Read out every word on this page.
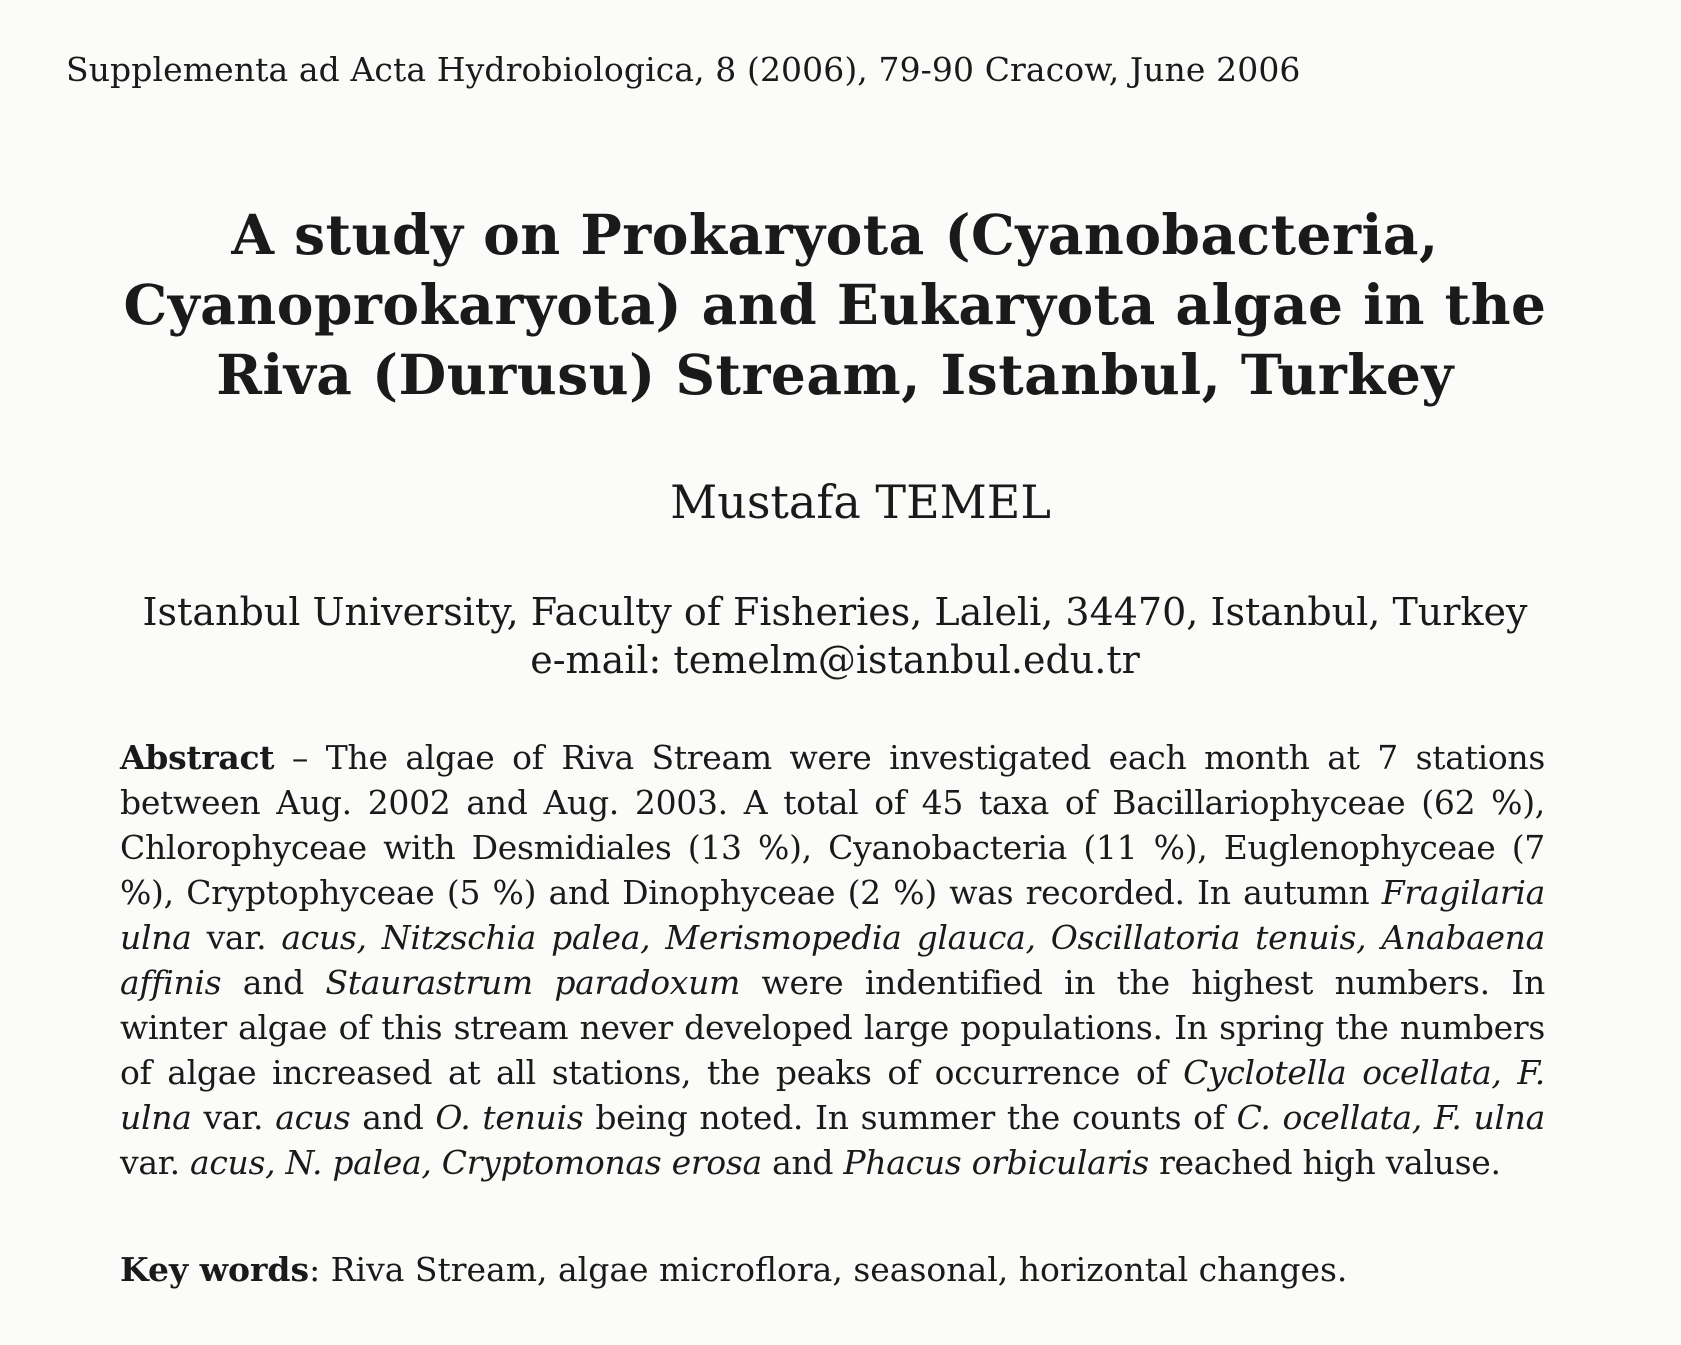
Supplementa ad Acta Hydrobiologica, 8 (2006), 79-90 Cracow, June 2006
A study on Prokaryota (Cyanobacteria,
Cyanoprokaryota) and Eukaryota algae in the
Riva (Durusu) Stream, Istanbul, Turkey
Mustafa TEMEL
Istanbul University, Faculty of Fisheries, Laleli, 34470, Istanbul, Turkey
e-mail: temelm@istanbul.edu.tr
Abstract – The algae of Riva Stream were investigated each month at 7 stations between Aug. 2002 and Aug. 2003. A total of 45 taxa of Bacillariophyceae (62 %), Chlorophyceae with Desmidiales (13 %), Cyanobacteria (11 %), Euglenophyceae (7 %), Cryptophyceae (5 %) and Dinophyceae (2 %) was recorded. In autumn Fragilaria ulna var. acus, Nitzschia palea, Merismopedia glauca, Oscillatoria tenuis, Anabaena affinis and Staurastrum paradoxum were indentified in the highest numbers. In winter algae of this stream never developed large populations. In spring the numbers of algae increased at all stations, the peaks of occurrence of Cyclotella ocellata, F. ulna var. acus and O. tenuis being noted. In summer the counts of C. ocellata, F. ulna var. acus, N. palea, Cryptomonas erosa and Phacus orbicularis reached high valuse.
Key words: Riva Stream, algae microflora, seasonal, horizontal changes.
